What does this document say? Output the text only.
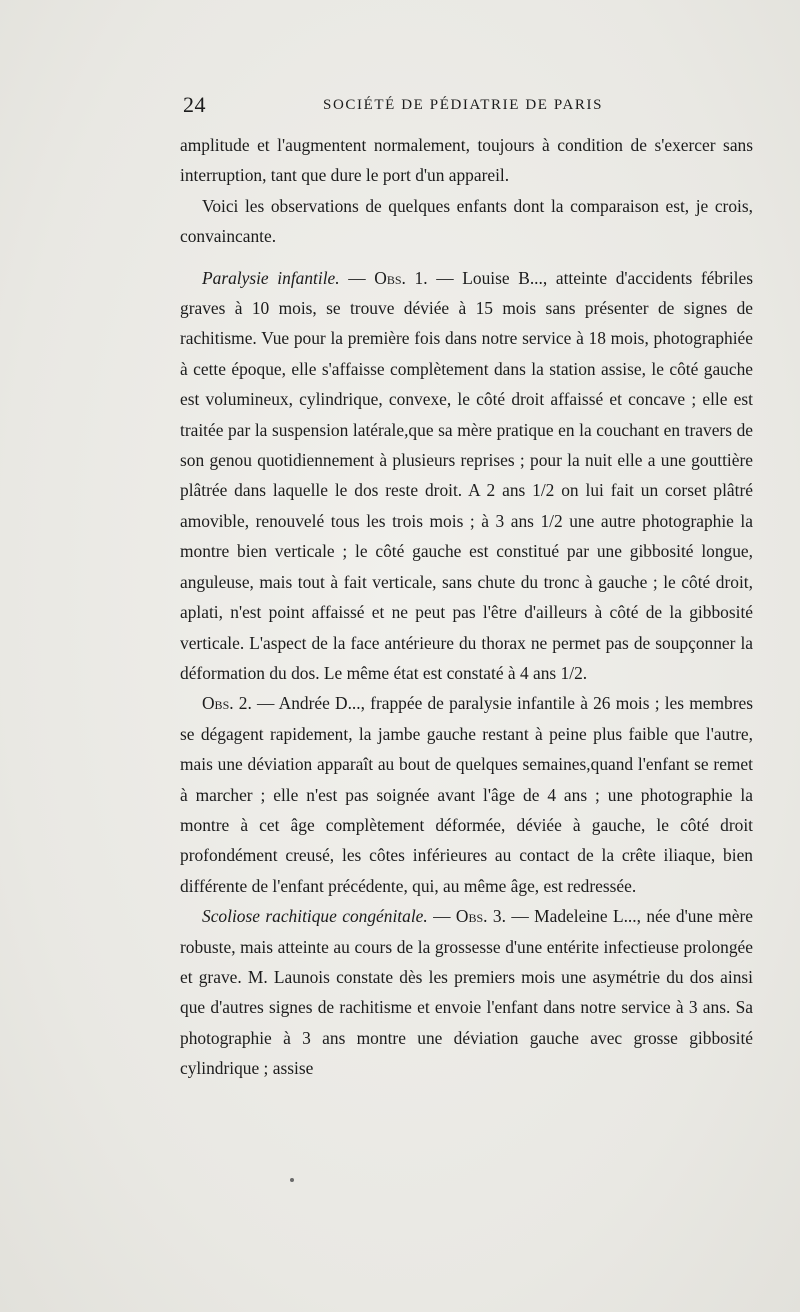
24	SOCIÉTÉ DE PÉDIATRIE DE PARIS

amplitude et l'augmentent normalement, toujours à condition de s'exercer sans interruption, tant que dure le port d'un appareil.

Voici les observations de quelques enfants dont la comparaison est, je crois, convaincante.

Paralysie infantile. — Obs. 1. — Louise B..., atteinte d'accidents fébriles graves à 10 mois, se trouve déviée à 15 mois sans présenter de signes de rachitisme. Vue pour la première fois dans notre service à 18 mois, photographiée à cette époque, elle s'affaisse complètement dans la station assise, le côté gauche est volumineux, cylindrique, convexe, le côté droit affaissé et concave ; elle est traitée par la suspension latérale,que sa mère pratique en la couchant en travers de son genou quotidiennement à plusieurs reprises ; pour la nuit elle a une gouttière plâtrée dans laquelle le dos reste droit. A 2 ans 1/2 on lui fait un corset plâtré amovible, renouvelé tous les trois mois ; à 3 ans 1/2 une autre photographie la montre bien verticale ; le côté gauche est constitué par une gibbosité longue, anguleuse, mais tout à fait verticale, sans chute du tronc à gauche ; le côté droit, aplati, n'est point affaissé et ne peut pas l'être d'ailleurs à côté de la gibbosité verticale. L'aspect de la face antérieure du thorax ne permet pas de soupçonner la déformation du dos. Le même état est constaté à 4 ans 1/2.

Obs. 2. — Andrée D..., frappée de paralysie infantile à 26 mois ; les membres se dégagent rapidement, la jambe gauche restant à peine plus faible que l'autre, mais une déviation apparaît au bout de quelques semaines,quand l'enfant se remet à marcher ; elle n'est pas soignée avant l'âge de 4 ans ; une photographie la montre à cet âge complètement déformée, déviée à gauche, le côté droit profondément creusé, les côtes inférieures au contact de la crête iliaque, bien différente de l'enfant précédente, qui, au même âge, est redressée.

Scoliose rachitique congénitale. — Obs. 3. — Madeleine L..., née d'une mère robuste, mais atteinte au cours de la grossesse d'une entérite infectieuse prolongée et grave. M. Launois constate dès les premiers mois une asymétrie du dos ainsi que d'autres signes de rachitisme et envoie l'enfant dans notre service à 3 ans. Sa photographie à 3 ans montre une déviation gauche avec grosse gibbosité cylindrique ; assise
